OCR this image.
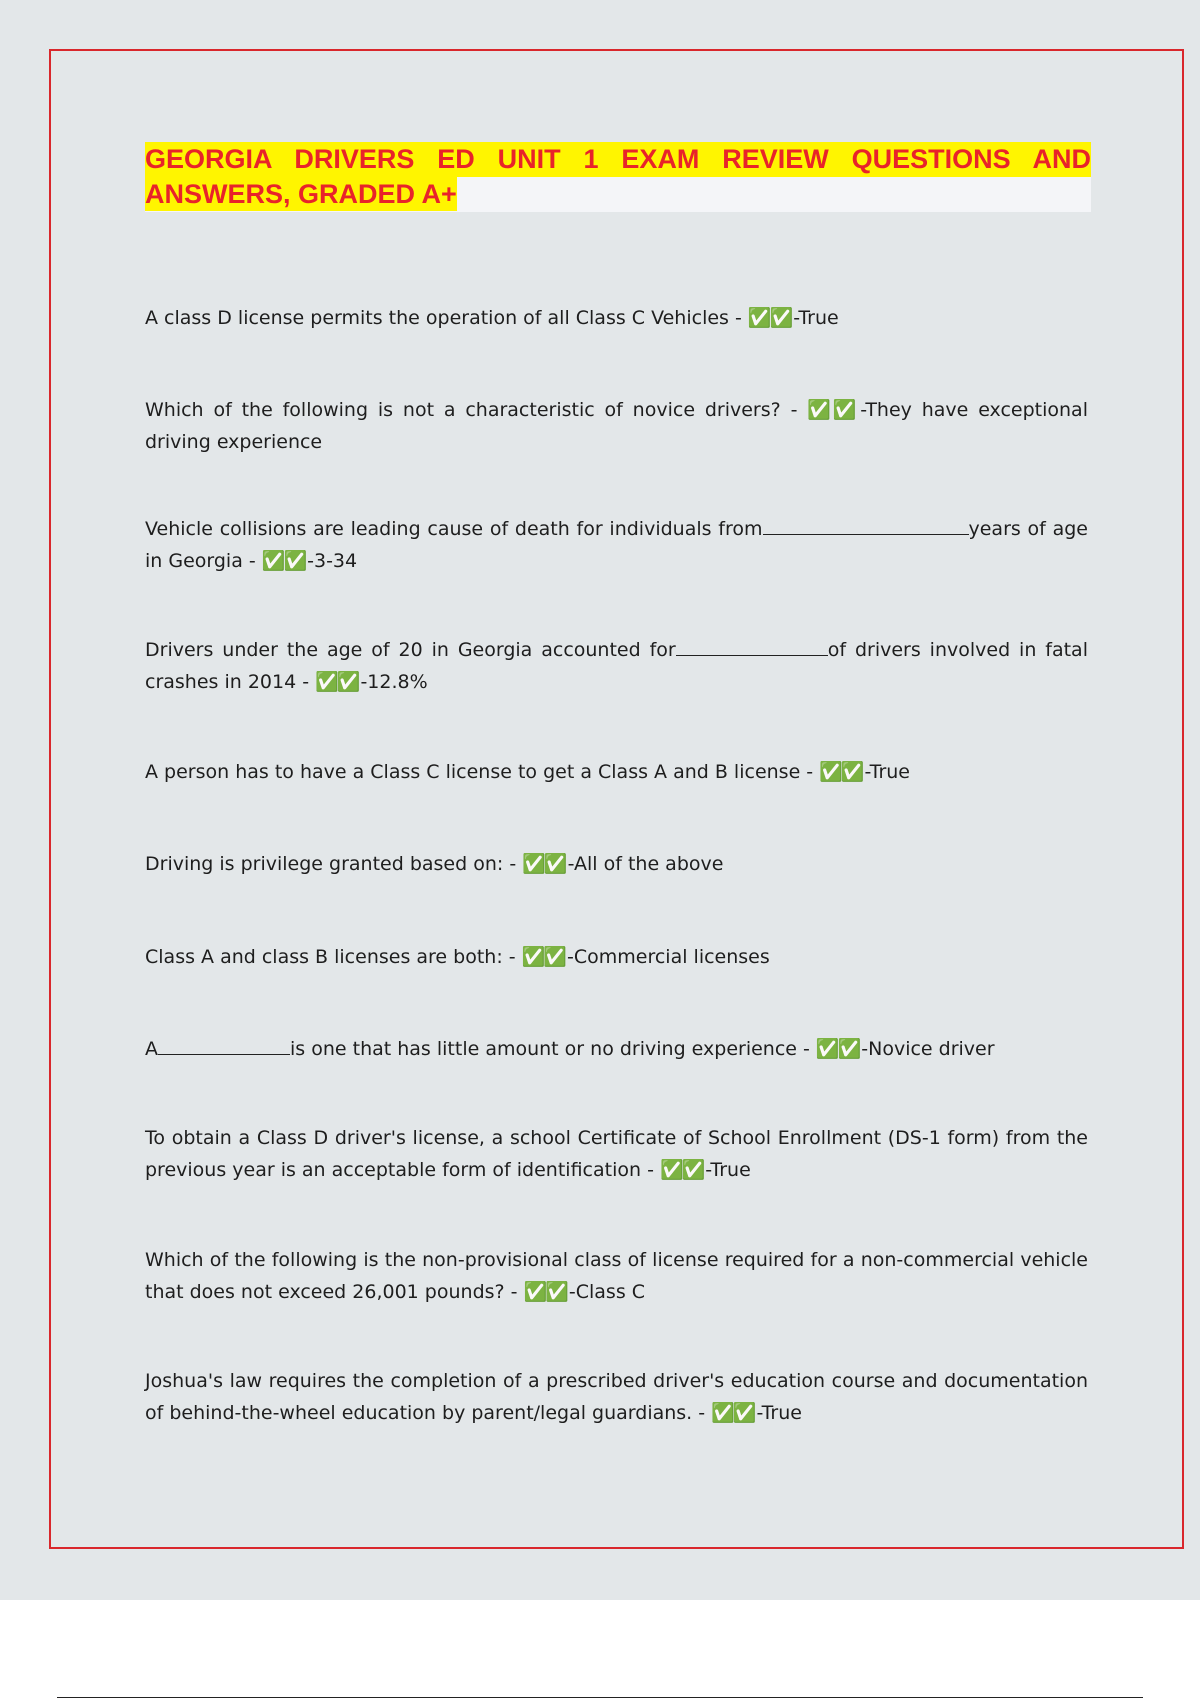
GEORGIA DRIVERS ED UNIT 1 EXAM REVIEW QUESTIONS AND

ANSWERS, GRADED A+

A class D license permits the operation of all Class C Vehicles - ✅✅ -True

Which of the following is not a characteristic of novice drivers? - ✅✅ -They have exceptional driving experience

Vehicle collisions are leading cause of death for individuals from	years of age in Georgia - ✅✅ -3-34

Drivers under the age of 20 in Georgia accounted for	of drivers involved in fatal crashes in 2014 - ✅✅ -12.8%

A person has to have a Class C license to get a Class A and B license - ✅✅ -True

Driving is privilege granted based on: - ✅✅ -All of the above

Class A and class B licenses are both: - ✅✅ -Commercial licenses

A	is one that has little amount or no driving experience - ✅✅ -Novice driver

To obtain a Class D driver's license, a school Certificate of School Enrollment (DS-1 form) from the previous year is an acceptable form of identification - ✅✅ -True

Which of the following is the non-provisional class of license required for a non-commercial vehicle that does not exceed 26,001 pounds? - ✅✅ -Class C

Joshua's law requires the completion of a prescribed driver's education course and documentation of behind-the-wheel education by parent/legal guardians. - ✅✅ -True
